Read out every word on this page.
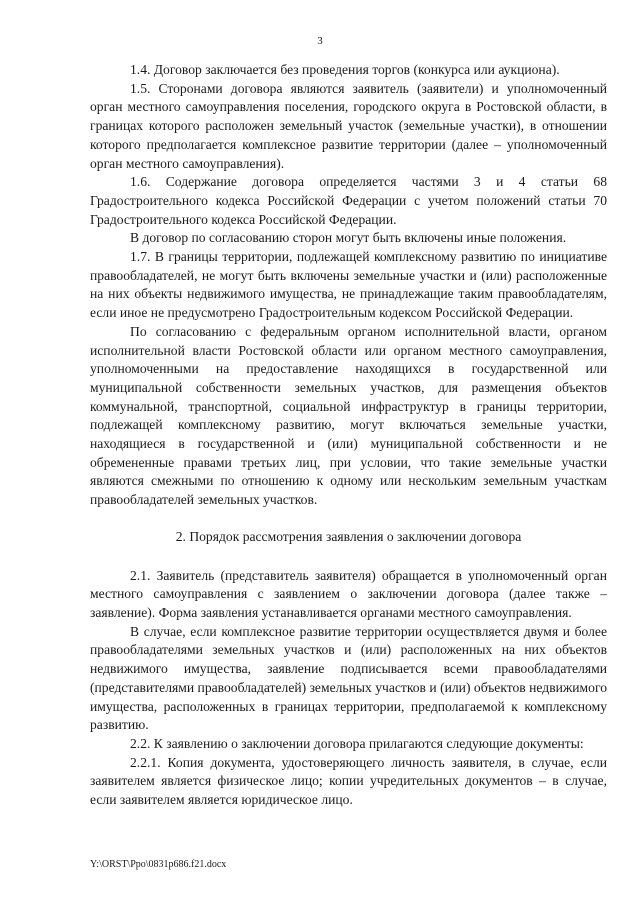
3

1.4. Договор заключается без проведения торгов (конкурса или аукциона).

1.5. Сторонами договора являются заявитель (заявители) и уполномоченный орган местного самоуправления поселения, городского округа в Ростовской области, в границах которого расположен земельный участок (земельные участки), в отношении которого предполагается комплексное развитие территории (далее – уполномоченный орган местного самоуправления).

1.6. Содержание договора определяется частями 3 и 4 статьи 68 Градостроительного кодекса Российской Федерации с учетом положений статьи 70 Градостроительного кодекса Российской Федерации.

В договор по согласованию сторон могут быть включены иные положения.

1.7. В границы территории, подлежащей комплексному развитию по инициативе правообладателей, не могут быть включены земельные участки и (или) расположенные на них объекты недвижимого имущества, не принадлежащие таким правообладателям, если иное не предусмотрено Градостроительным кодексом Российской Федерации.

По согласованию с федеральным органом исполнительной власти, органом исполнительной власти Ростовской области или органом местного самоуправления, уполномоченными на предоставление находящихся в государственной или муниципальной собственности земельных участков, для размещения объектов коммунальной, транспортной, социальной инфраструктур в границы территории, подлежащей комплексному развитию, могут включаться земельные участки, находящиеся в государственной и (или) муниципальной собственности и не обремененные правами третьих лиц, при условии, что такие земельные участки являются смежными по отношению к одному или нескольким земельным участкам правообладателей земельных участков.

2. Порядок рассмотрения заявления о заключении договора

2.1. Заявитель (представитель заявителя) обращается в уполномоченный орган местного самоуправления с заявлением о заключении договора (далее также – заявление). Форма заявления устанавливается органами местного самоуправления.

В случае, если комплексное развитие территории осуществляется двумя и более правообладателями земельных участков и (или) расположенных на них объектов недвижимого имущества, заявление подписывается всеми правообладателями (представителями правообладателей) земельных участков и (или) объектов недвижимого имущества, расположенных в границах территории, предполагаемой к комплексному развитию.

2.2. К заявлению о заключении договора прилагаются следующие документы:

2.2.1. Копия документа, удостоверяющего личность заявителя, в случае, если заявителем является физическое лицо; копии учредительных документов – в случае, если заявителем является юридическое лицо.

Y:\ORST\Ppo\0831p686.f21.docx
